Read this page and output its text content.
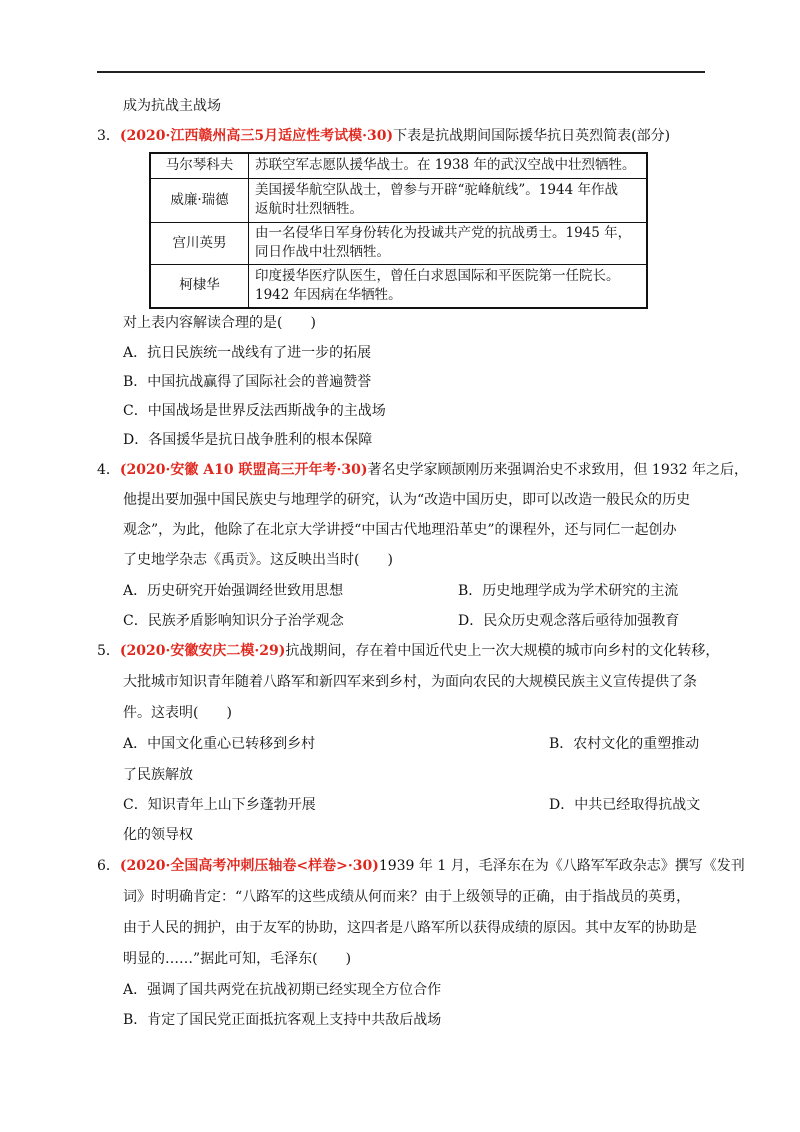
成为抗战主战场
3．(2020·江西赣州高三5月适应性考试模·30)下表是抗战期间国际援华抗日英烈简表(部分)
马尔琴科夫	苏联空军志愿队援华战士。在 1938 年的武汉空战中壮烈牺牲。

威廉·瑞德	美国援华航空队战士，曾参与开辟“驼峰航线”。1944 年作战
返航时壮烈牺牲。

宫川英男	由一名侵华日军身份转化为投诚共产党的抗战勇士。1945 年，
同日作战中壮烈牺牲。

柯棣华	印度援华医疗队医生，曾任白求恩国际和平医院第一任院长。
1942 年因病在华牺牲。
对上表内容解读合理的是(　　)
A．抗日民族统一战线有了进一步的拓展
B．中国抗战赢得了国际社会的普遍赞誉
C．中国战场是世界反法西斯战争的主战场
D．各国援华是抗日战争胜利的根本保障
4．(2020·安徽 A10 联盟高三开年考·30)著名史学家顾颉刚历来强调治史不求致用，但 1932 年之后，
他提出要加强中国民族史与地理学的研究，认为“改造中国历史，即可以改造一般民众的历史
观念”，为此，他除了在北京大学讲授“中国古代地理沿革史”的课程外，还与同仁一起创办
了史地学杂志《禹贡》。这反映出当时(　　)
A．历史研究开始强调经世致用思想	B．历史地理学成为学术研究的主流
C．民族矛盾影响知识分子治学观念	D．民众历史观念落后亟待加强教育
5．(2020·安徽安庆二模·29)抗战期间，存在着中国近代史上一次大规模的城市向乡村的文化转移，
大批城市知识青年随着八路军和新四军来到乡村，为面向农民的大规模民族主义宣传提供了条
件。这表明(　　)
A．中国文化重心已转移到乡村	B．农村文化的重塑推动
了民族解放
C．知识青年上山下乡蓬勃开展	D．中共已经取得抗战文
化的领导权
6．(2020·全国高考冲刺压轴卷<样卷>·30)1939 年 1 月，毛泽东在为《八路军军政杂志》撰写《发刊
词》时明确肯定：“八路军的这些成绩从何而来？由于上级领导的正确，由于指战员的英勇，
由于人民的拥护，由于友军的协助，这四者是八路军所以获得成绩的原因。其中友军的协助是
明显的……”据此可知，毛泽东(　　)
A．强调了国共两党在抗战初期已经实现全方位合作
B．肯定了国民党正面抵抗客观上支持中共敌后战场
